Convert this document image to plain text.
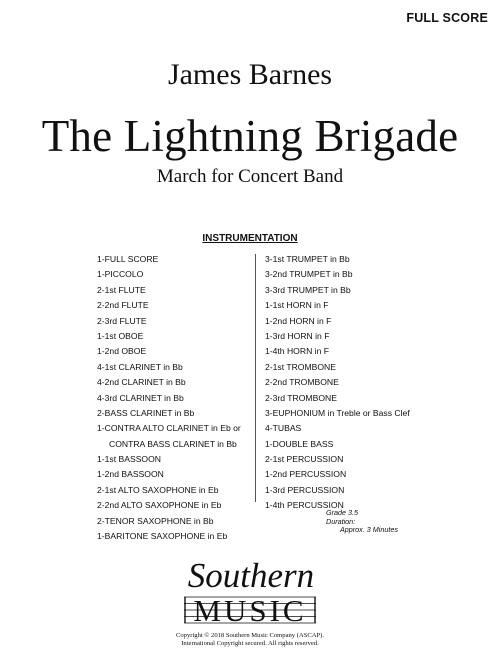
FULL SCORE
James Barnes
The Lightning Brigade
March for Concert Band
INSTRUMENTATION
1-FULL SCORE
1-PICCOLO
2-1st FLUTE
2-2nd FLUTE
2-3rd FLUTE
1-1st OBOE
1-2nd OBOE
4-1st CLARINET in Bb
4-2nd CLARINET in Bb
4-3rd CLARINET in Bb
2-BASS CLARINET in Bb
1-CONTRA ALTO CLARINET in Eb or
CONTRA BASS CLARINET in Bb
1-1st BASSOON
1-2nd BASSOON
2-1st ALTO SAXOPHONE in Eb
2-2nd ALTO SAXOPHONE in Eb
2-TENOR SAXOPHONE in Bb
1-BARITONE SAXOPHONE in Eb
3-1st TRUMPET in Bb
3-2nd TRUMPET in Bb
3-3rd TRUMPET in Bb
1-1st HORN in F
1-2nd HORN in F
1-3rd HORN in F
1-4th HORN in F
2-1st TROMBONE
2-2nd TROMBONE
2-3rd TROMBONE
3-EUPHONIUM in Treble or Bass Clef
4-TUBAS
1-DOUBLE BASS
2-1st PERCUSSION
1-2nd PERCUSSION
1-3rd PERCUSSION
1-4th PERCUSSION
Grade 3.5
Duration:
Approx. 3 Minutes
Southern
MUSIC
Copyright © 2018 Southern Music Company (ASCAP).
International Copyright secured. All rights reserved.
